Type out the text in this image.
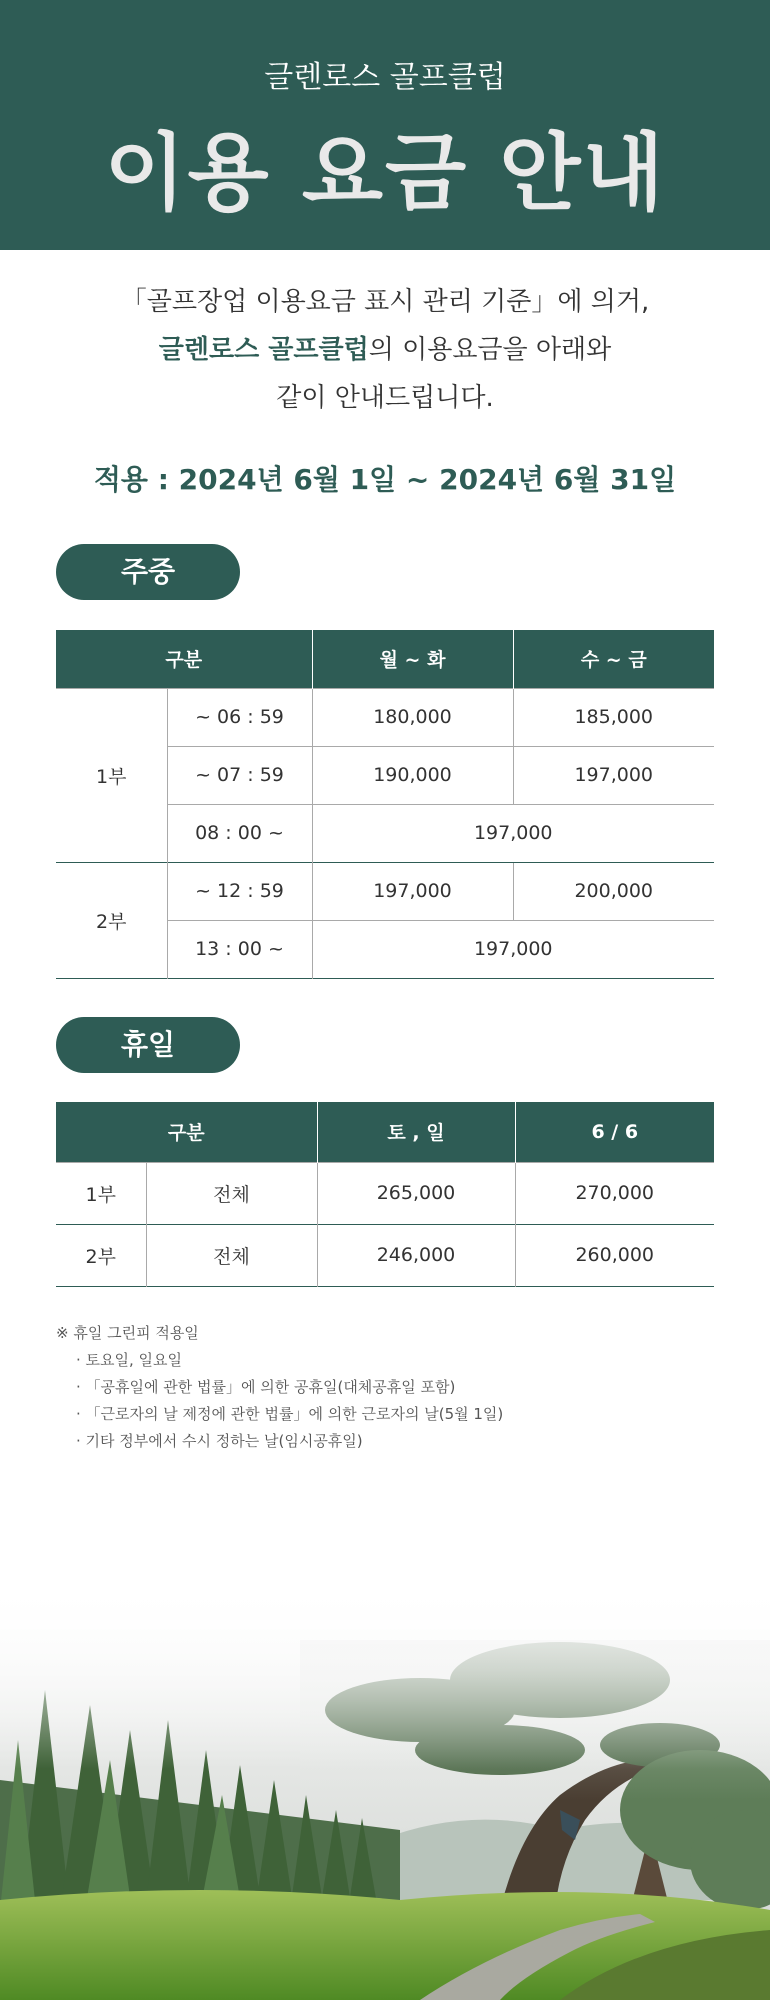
글렌로스 골프클럽
이용 요금 안내
「골프장업 이용요금 표시 관리 기준」에 의거,
글렌로스 골프클럽의 이용요금을 아래와
같이 안내드립니다.
적용 : 2024년 6월 1일 ~ 2024년 6월 31일
주중
구분		월 ~ 화	수 ~ 금
1부	~ 06 : 59	180,000	185,000
	~ 07 : 59	190,000	197,000
	08 : 00 ~	197,000	
2부	~ 12 : 59	197,000	200,000
	13 : 00 ~	197,000	
휴일
구분		토 , 일	6 / 6
1부	전체	265,000	270,000
2부	전체	246,000	260,000
※ 휴일 그린피 적용일
· 토요일, 일요일
· 「공휴일에 관한 법률」에 의한 공휴일(대체공휴일 포함)
· 「근로자의 날 제정에 관한 법률」에 의한 근로자의 날(5월 1일)
· 기타 정부에서 수시 정하는 날(임시공휴일)
